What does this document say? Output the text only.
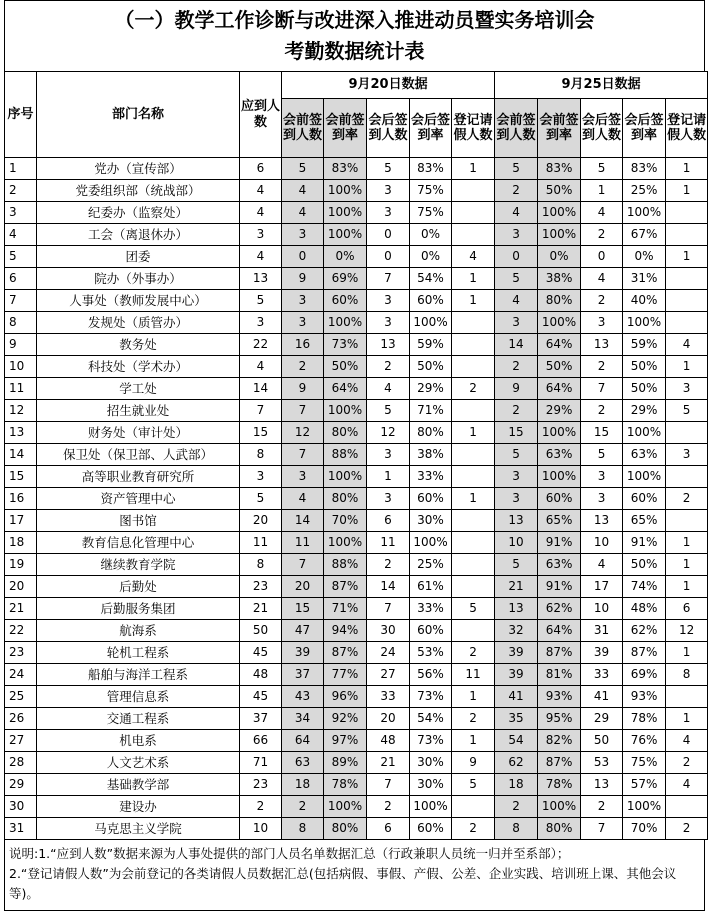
（一）教学工作诊断与改进深入推进动员暨实务培训会
考勤数据统计表
序号	部门名称	应到人数	9月20日数据					9月25日数据				
			会前签到人数	会前签到率	会后签到人数	会后签到率	登记请假人数	会前签到人数	会前签到率	会后签到人数	会后签到率	登记请假人数
1	党办（宣传部）	6	5	83%	5	83%	1	5	83%	5	83%	1
2	党委组织部（统战部）	4	4	100%	3	75%		2	50%	1	25%	1
3	纪委办（监察处）	4	4	100%	3	75%		4	100%	4	100%	
4	工会（离退休办）	3	3	100%	0	0%		3	100%	2	67%	
5	团委	4	0	0%	0	0%	4	0	0%	0	0%	1
6	院办（外事办）	13	9	69%	7	54%	1	5	38%	4	31%	
7	人事处（教师发展中心）	5	3	60%	3	60%	1	4	80%	2	40%	
8	发规处（质管办）	3	3	100%	3	100%		3	100%	3	100%	
9	教务处	22	16	73%	13	59%		14	64%	13	59%	4
10	科技处（学术办）	4	2	50%	2	50%		2	50%	2	50%	1
11	学工处	14	9	64%	4	29%	2	9	64%	7	50%	3
12	招生就业处	7	7	100%	5	71%		2	29%	2	29%	5
13	财务处（审计处）	15	12	80%	12	80%	1	15	100%	15	100%	
14	保卫处（保卫部、人武部）	8	7	88%	3	38%		5	63%	5	63%	3
15	高等职业教育研究所	3	3	100%	1	33%		3	100%	3	100%	
16	资产管理中心	5	4	80%	3	60%	1	3	60%	3	60%	2
17	图书馆	20	14	70%	6	30%		13	65%	13	65%	
18	教育信息化管理中心	11	11	100%	11	100%		10	91%	10	91%	1
19	继续教育学院	8	7	88%	2	25%		5	63%	4	50%	1
20	后勤处	23	20	87%	14	61%		21	91%	17	74%	1
21	后勤服务集团	21	15	71%	7	33%	5	13	62%	10	48%	6
22	航海系	50	47	94%	30	60%		32	64%	31	62%	12
23	轮机工程系	45	39	87%	24	53%	2	39	87%	39	87%	1
24	船舶与海洋工程系	48	37	77%	27	56%	11	39	81%	33	69%	8
25	管理信息系	45	43	96%	33	73%	1	41	93%	41	93%	
26	交通工程系	37	34	92%	20	54%	2	35	95%	29	78%	1
27	机电系	66	64	97%	48	73%	1	54	82%	50	76%	4
28	人文艺术系	71	63	89%	21	30%	9	62	87%	53	75%	2
29	基础教学部	23	18	78%	7	30%	5	18	78%	13	57%	4
30	建设办	2	2	100%	2	100%		2	100%	2	100%	
31	马克思主义学院	10	8	80%	6	60%	2	8	80%	7	70%	2
说明:1.“应到人数”数据来源为人事处提供的部门人员名单数据汇总（行政兼职人员统一归并至系部）；
2.“登记请假人数”为会前登记的各类请假人员数据汇总(包括病假、事假、产假、公差、企业实践、培训班上课、其他会议等)。
